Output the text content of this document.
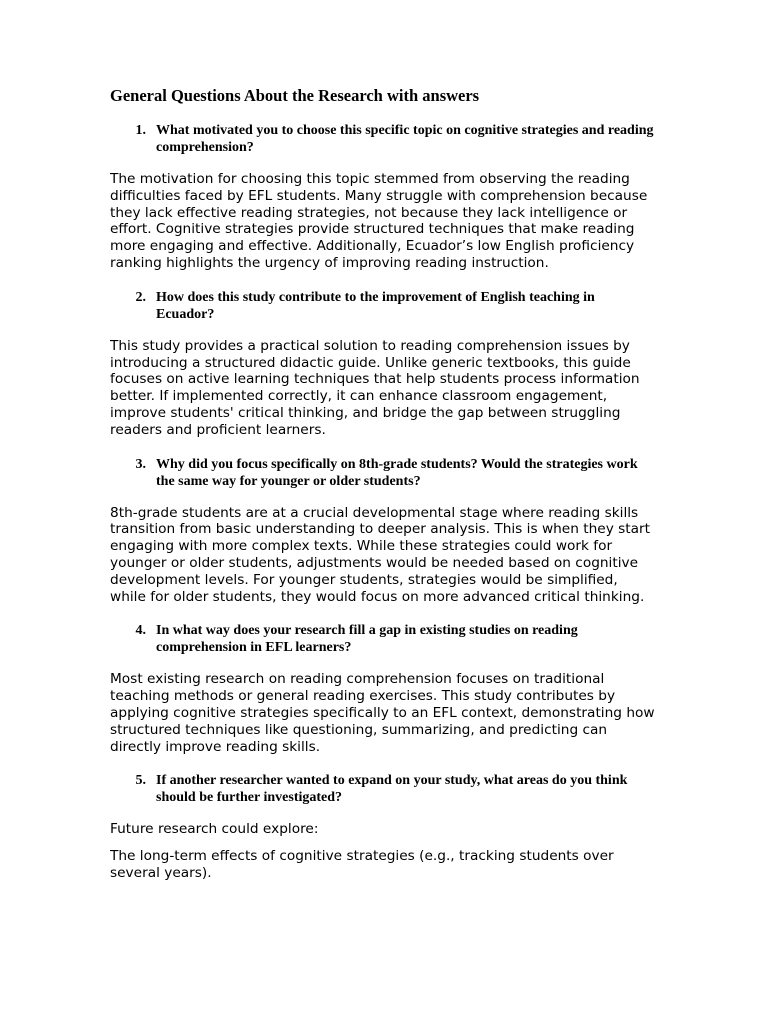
General Questions About the Research with answers
1. What motivated you to choose this specific topic on cognitive strategies and reading comprehension?

The motivation for choosing this topic stemmed from observing the reading difficulties faced by EFL students. Many struggle with comprehension because they lack effective reading strategies, not because they lack intelligence or effort. Cognitive strategies provide structured techniques that make reading more engaging and effective. Additionally, Ecuador’s low English proficiency ranking highlights the urgency of improving reading instruction.

2. How does this study contribute to the improvement of English teaching in Ecuador?

This study provides a practical solution to reading comprehension issues by introducing a structured didactic guide. Unlike generic textbooks, this guide focuses on active learning techniques that help students process information better. If implemented correctly, it can enhance classroom engagement, improve students' critical thinking, and bridge the gap between struggling readers and proficient learners.

3. Why did you focus specifically on 8th-grade students? Would the strategies work the same way for younger or older students?

8th-grade students are at a crucial developmental stage where reading skills transition from basic understanding to deeper analysis. This is when they start engaging with more complex texts. While these strategies could work for younger or older students, adjustments would be needed based on cognitive development levels. For younger students, strategies would be simplified, while for older students, they would focus on more advanced critical thinking.

4. In what way does your research fill a gap in existing studies on reading comprehension in EFL learners?

Most existing research on reading comprehension focuses on traditional teaching methods or general reading exercises. This study contributes by applying cognitive strategies specifically to an EFL context, demonstrating how structured techniques like questioning, summarizing, and predicting can directly improve reading skills.

5. If another researcher wanted to expand on your study, what areas do you think should be further investigated?

Future research could explore:

The long-term effects of cognitive strategies (e.g., tracking students over several years).
